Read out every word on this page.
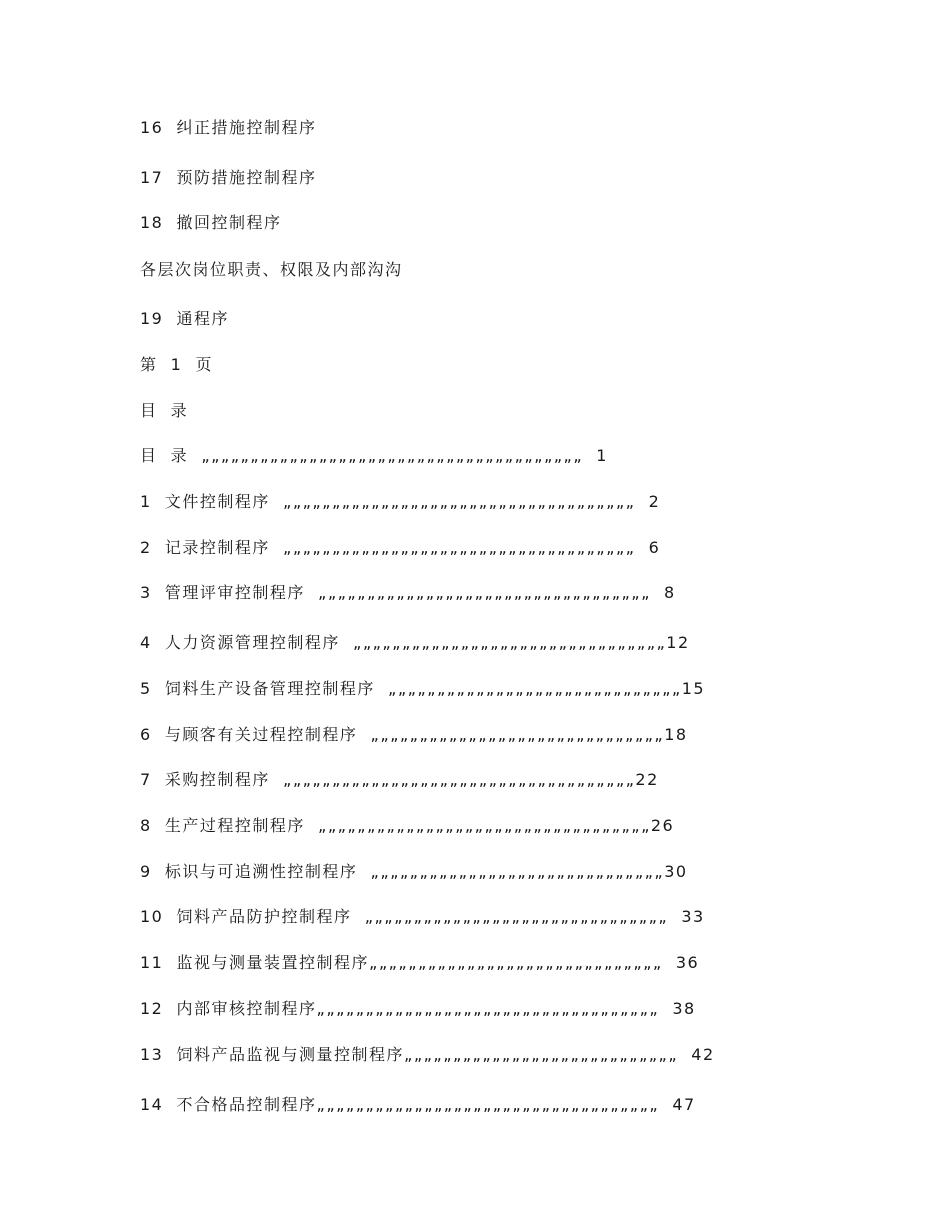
16  纠正措施控制程序
17  预防措施控制程序
18  撤回控制程序
各层次岗位职责、权限及内部沟沟
19  通程序
第  1  页
目  录
目  录  „„„„„„„„„„„„„„„„„„„„„„„„„„„„„„„„„„„„„„„  1
1  文件控制程序  „„„„„„„„„„„„„„„„„„„„„„„„„„„„„„„„„„„„  2
2  记录控制程序  „„„„„„„„„„„„„„„„„„„„„„„„„„„„„„„„„„„„  6
3  管理评审控制程序  „„„„„„„„„„„„„„„„„„„„„„„„„„„„„„„„„„  8
4  人力资源管理控制程序  „„„„„„„„„„„„„„„„„„„„„„„„„„„„„„„„12
5  饲料生产设备管理控制程序  „„„„„„„„„„„„„„„„„„„„„„„„„„„„„„15
6  与顾客有关过程控制程序  „„„„„„„„„„„„„„„„„„„„„„„„„„„„„„18
7  采购控制程序  „„„„„„„„„„„„„„„„„„„„„„„„„„„„„„„„„„„„22
8  生产过程控制程序  „„„„„„„„„„„„„„„„„„„„„„„„„„„„„„„„„„26
9  标识与可追溯性控制程序  „„„„„„„„„„„„„„„„„„„„„„„„„„„„„„30
10  饲料产品防护控制程序  „„„„„„„„„„„„„„„„„„„„„„„„„„„„„„„  33
11  监视与测量装置控制程序„„„„„„„„„„„„„„„„„„„„„„„„„„„„„„  36
12  内部审核控制程序„„„„„„„„„„„„„„„„„„„„„„„„„„„„„„„„„„„  38
13  饲料产品监视与测量控制程序„„„„„„„„„„„„„„„„„„„„„„„„„„„„  42
14  不合格品控制程序„„„„„„„„„„„„„„„„„„„„„„„„„„„„„„„„„„„  47
